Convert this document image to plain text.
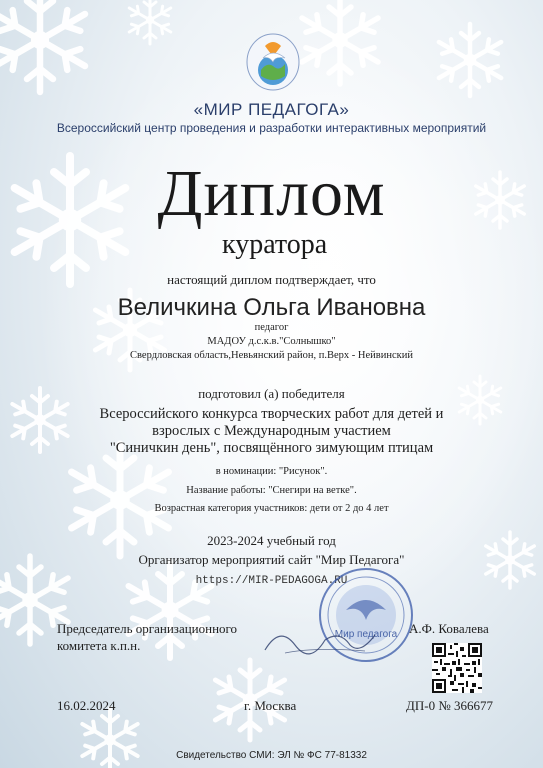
«МИР ПЕДАГОГА»
Всероссийский центр проведения и разработки интерактивных мероприятий
Диплом
куратора
настоящий диплом подтверждает, что
Величкина Ольга Ивановна
педагог
МАДОУ д.с.к.в."Солнышко"
Свердловская область,Невьянский район, п.Верх - Нейвинский
подготовил (а) победителя
Всероссийского конкурса творческих работ для детей и
взрослых с Международным участием
"Синичкин день", посвящённого зимующим птицам
в номинации: "Рисунок".
Название работы: "Снегири на ветке".
Возрастная категория участников: дети от 2 до 4 лет
2023-2024 учебный год
Организатор мероприятий сайт "Мир Педагога"
https://MIR-PEDAGOGA.RU
Мир педагога
Председатель организационного
комитета к.п.н.
А.Ф. Ковалева
16.02.2024	г. Москва	ДП-0 № 366677
Свидетельство СМИ: ЭЛ № ФС 77-81332
